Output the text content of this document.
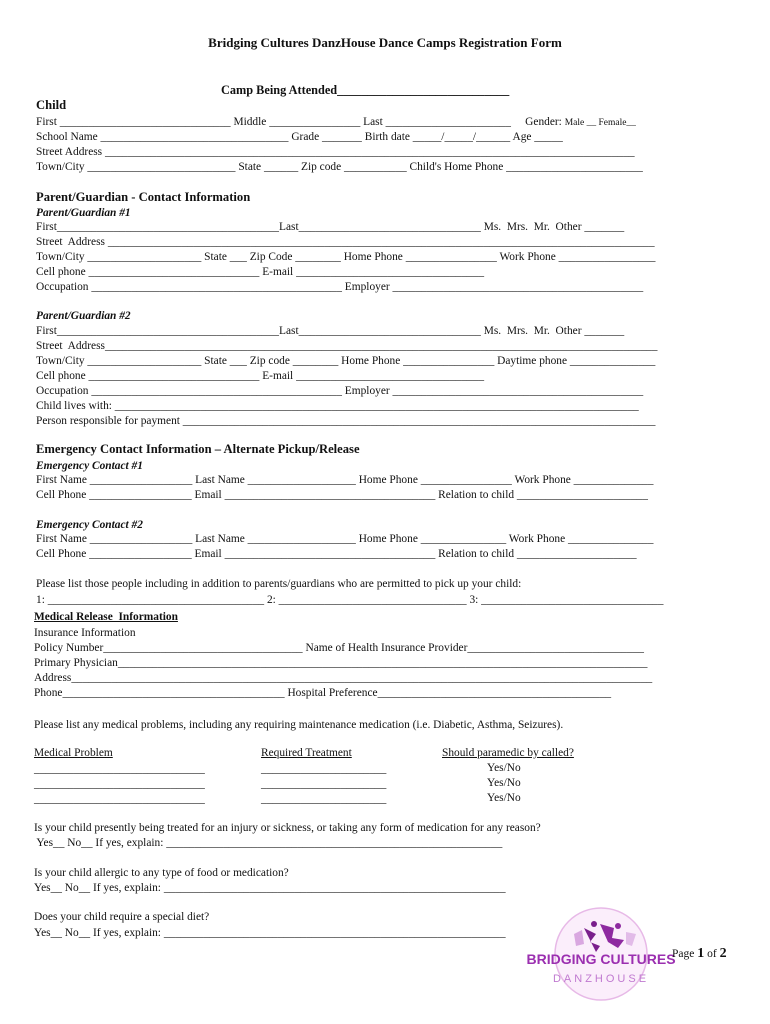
Bridging Cultures DanzHouse Dance Camps Registration Form
Camp Being Attended____________________________
Child
First ______________________________ Middle ________________ Last ______________________     Gender: Male __ Female__
School Name _________________________________ Grade _______ Birth date _____/_____/______ Age _____
Street Address _____________________________________________________________________________________________
Town/City __________________________ State ______ Zip code ___________ Child's Home Phone ________________________
Parent/Guardian - Contact Information
Parent/Guardian #1
First_______________________________________Last________________________________ Ms.  Mrs.  Mr.  Other _______
Street  Address ________________________________________________________________________________________________
Town/City ____________________ State ___ Zip Code ________ Home Phone ________________ Work Phone _________________
Cell phone ______________________________ E-mail _________________________________
Occupation ____________________________________________ Employer ____________________________________________
Parent/Guardian #2
First_______________________________________Last________________________________ Ms.  Mrs.  Mr.  Other _______
Street  Address_________________________________________________________________________________________________
Town/City ____________________ State ___ Zip code ________ Home Phone ________________ Daytime phone _______________
Cell phone ______________________________ E-mail _________________________________
Occupation ____________________________________________ Employer ____________________________________________
Child lives with: ____________________________________________________________________________________________
Person responsible for payment ___________________________________________________________________________________
Emergency Contact Information – Alternate Pickup/Release
Emergency Contact #1
First Name __________________ Last Name ___________________ Home Phone ________________ Work Phone ______________
Cell Phone __________________ Email _____________________________________ Relation to child _______________________
Emergency Contact #2
First Name __________________ Last Name ___________________ Home Phone _______________ Work Phone _______________
Cell Phone __________________ Email _____________________________________ Relation to child _____________________
Please list those people including in addition to parents/guardians who are permitted to pick up your child:
1: ______________________________________ 2: _________________________________ 3: ________________________________
Medical Release  Information
Insurance Information
Policy Number___________________________________ Name of Health Insurance Provider_______________________________
Primary Physician_____________________________________________________________________________________________
Address______________________________________________________________________________________________________
Phone_______________________________________ Hospital Preference_________________________________________
Please list any medical problems, including any requiring maintenance medication (i.e. Diabetic, Asthma, Seizures).
Medical Problem	Required Treatment	Should paramedic by called?
______________________________	______________________	Yes/No
______________________________	______________________	Yes/No
______________________________	______________________	Yes/No
Is your child presently being treated for an injury or sickness, or taking any form of medication for any reason?
Yes__ No__ If yes, explain: ___________________________________________________________
Is your child allergic to any type of food or medication?
Yes__ No__ If yes, explain: ____________________________________________________________
Does your child require a special diet?
Yes__ No__ If yes, explain: ____________________________________________________________
BRIDGING CULTURES
DANZHOUSE
Page 1 of 2
